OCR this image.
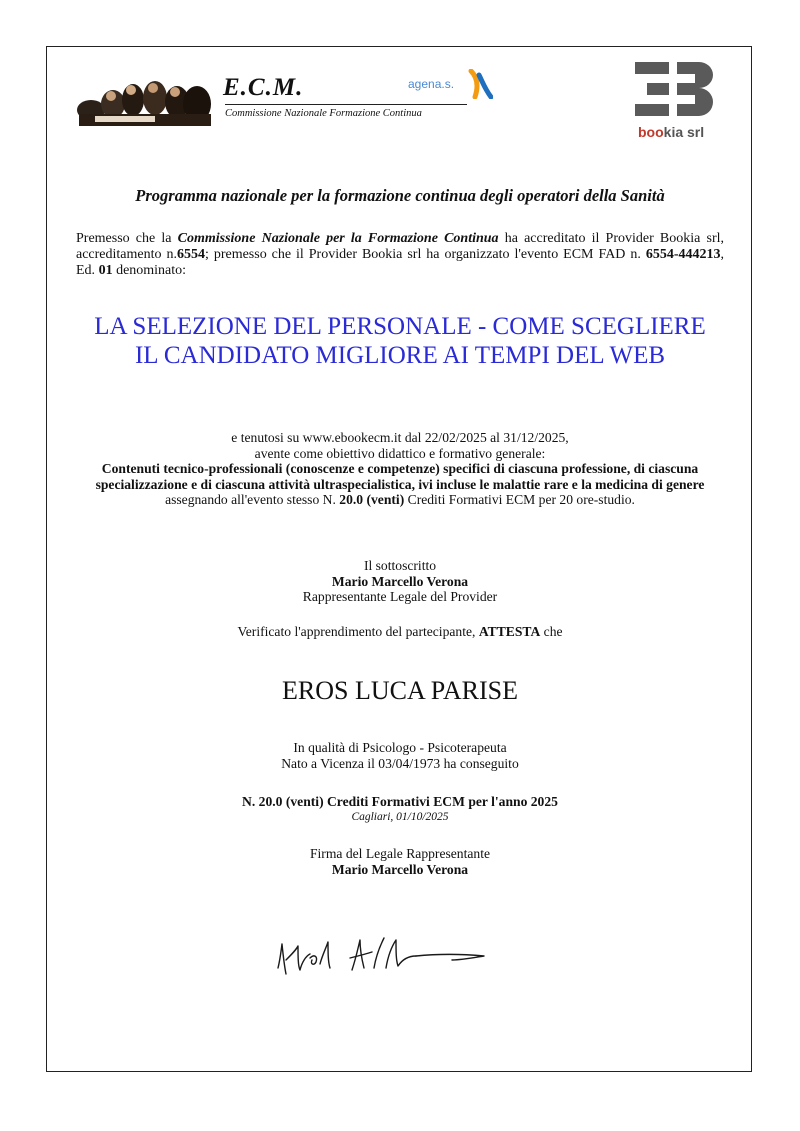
E.C.M.
Commissione Nazionale Formazione Continua
agena.s.
bookia srl
Programma nazionale per la formazione continua degli operatori della Sanità
Premesso che la Commissione Nazionale per la Formazione Continua ha accreditato il Provider Bookia srl, accreditamento n.6554; premesso che il Provider Bookia srl ha organizzato l'evento ECM FAD n. 6554-444213, Ed. 01 denominato:
LA SELEZIONE DEL PERSONALE - COME SCEGLIERE IL CANDIDATO MIGLIORE AI TEMPI DEL WEB
e tenutosi su www.ebookecm.it dal 22/02/2025 al 31/12/2025,
avente come obiettivo didattico e formativo generale:
Contenuti tecnico-professionali (conoscenze e competenze) specifici di ciascuna professione, di ciascuna specializzazione e di ciascuna attività ultraspecialistica, ivi incluse le malattie rare e la medicina di genere
assegnando all'evento stesso N. 20.0 (venti) Crediti Formativi ECM per 20 ore-studio.
Il sottoscritto
Mario Marcello Verona
Rappresentante Legale del Provider
Verificato l'apprendimento del partecipante, ATTESTA che
EROS LUCA PARISE
In qualità di Psicologo - Psicoterapeuta
Nato a Vicenza il 03/04/1973 ha conseguito
N. 20.0 (venti) Crediti Formativi ECM per l'anno 2025
Cagliari, 01/10/2025
Firma del Legale Rappresentante
Mario Marcello Verona
